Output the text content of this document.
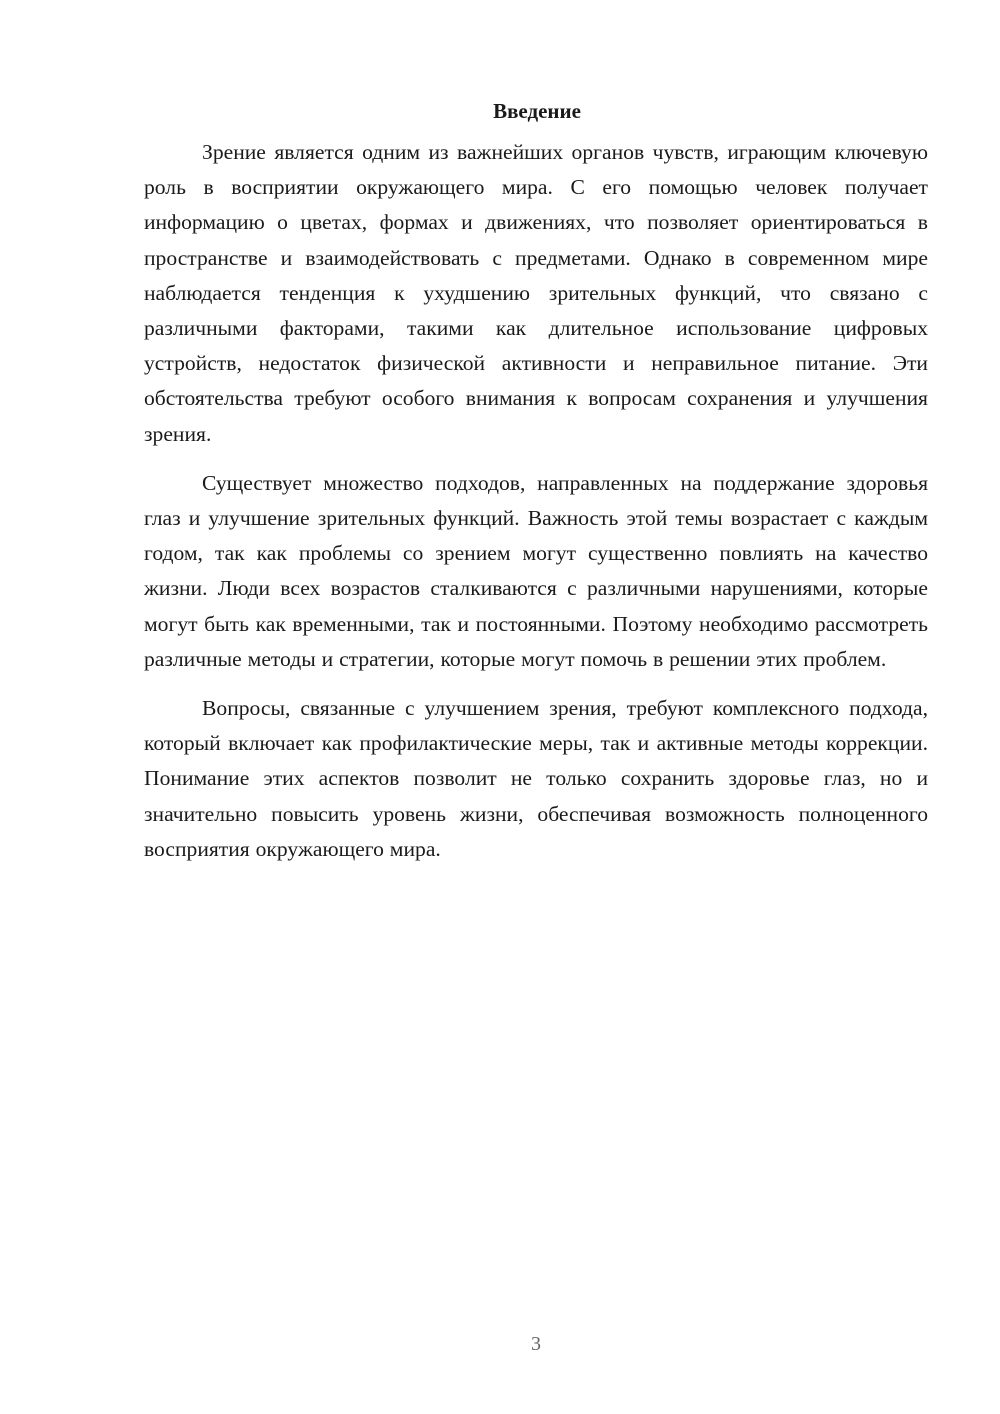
Введение

Зрение является одним из важнейших органов чувств, играющим ключевую роль в восприятии окружающего мира. С его помощью человек получает информацию о цветах, формах и движениях, что позволяет ориентироваться в пространстве и взаимодействовать с предметами. Однако в современном мире наблюдается тенденция к ухудшению зрительных функций, что связано с различными факторами, такими как длительное использование цифровых устройств, недостаток физической активности и неправильное питание. Эти обстоятельства требуют особого внимания к вопросам сохранения и улучшения зрения.

Существует множество подходов, направленных на поддержание здоровья глаз и улучшение зрительных функций. Важность этой темы возрастает с каждым годом, так как проблемы со зрением могут существенно повлиять на качество жизни. Люди всех возрастов сталкиваются с различными нарушениями, которые могут быть как временными, так и постоянными. Поэтому необходимо рассмотреть различные методы и стратегии, которые могут помочь в решении этих проблем.

Вопросы, связанные с улучшением зрения, требуют комплексного подхода, который включает как профилактические меры, так и активные методы коррекции. Понимание этих аспектов позволит не только сохранить здоровье глаз, но и значительно повысить уровень жизни, обеспечивая возможность полноценного восприятия окружающего мира.

3
